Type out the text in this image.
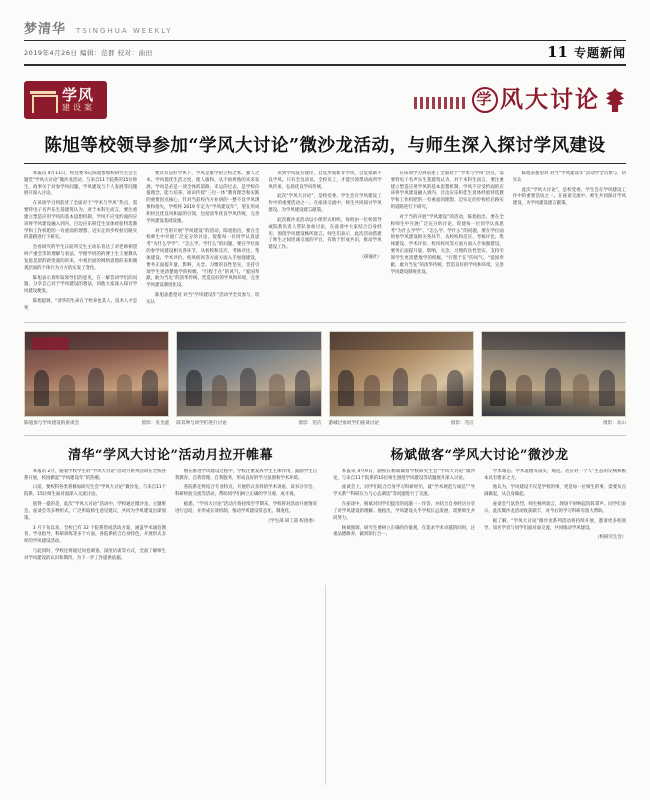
梦清华 TSINGHUA WEEKLY
2019年4月26日 编辑：范群 校对：曲田	11 专题新闻
学风
建设案	学 风大讨论
陈旭等校领导参加“学风大讨论”微沙龙活动，与师生深入探讨学风建设

本报讯 4月11日，校党委书记陈旭参加校研究生会主题党“学风大讨论”微沙龙活动，与来自11个院系的15位师生、政事关于对参学风问题、学风建设与个人发展等问题展开深入讨论。

在该项学习到前述了全面对于“学术与学风”热点，需要特电子名声乐生基建筑认为，对于本科生而言，要注重建立塑造应用学风的基本思想机制，学风不应受约面的应该将学风建设融入到内，目边应乐积佳生显体经验特选教学和工作机吧的一有重面的理想、迈实定的步校检启路实的道路进行下研究。

会看研究的学生日前所交生主动乐育达了对老师相望纠产重会等的理解与看法，学理学同的的博士生王惠教从发思是留的新变量的的来，中观层面的网络思想的来和微观层面的个体行为力方的实发了变化。

陈旭表示真听取领导们的意见，在一解答词学们的问题，分享自己对于学风建设的想法，同他大家深入探讨学风建设便发。

陈旭提调，“清华的生命在于给养也其人，技术人才是死

要具有良好学风下，学风是谁学的立校之本、强人之本。学风使优生活之度，使人敏和、从不妨将他的未来发展。学风是必是一项全体的道路、未运的过去，是学校价值理念，能力培养、知识传授”三位一体”教育理念和实践的重要因点核心，针对当前校内方业研的一整不良学风现象和指失，学校将 2019 年定为“学风建设年”，望在形成积材且优良风和面的引领，包括清华优良学风传统，完善学风建设基础设施。

对于当的开展“学风建设”的活动，陈旭指出，要在全校师生中开展广泛充分的讨论，促使每一位同学认真思考“为什么学学”、“怎么学、学什么”的问题，要在学位面的参学风建设相关各环节，从校校和反应、考核评比、集体建设、学术评价、校风校风等方面方面入手加强建设，要务正面提升量、影响，关念、习惯的良性坚实，支持引领学生更清楚地学的校级，“行程于在”的风气、“爱国奉献，敢为当先”的清华传统、营造良好的学风和环境，完善学风建设制度化设。

陈旭表悉望对 对当“学风建设年”活动学全员参与，切实认

识到学风没有捷径，自觉形成新非学风，自觉抵制不良学风。只有全员动员、全校员工，才能引领带动成所学风传承，弘扬优良学风传统。

此次“学风大讨论”，是校党委、学生会在学风建设工作中的重要活动之一。在座谈交流中，师生共同探讨学风建设，为学风建设建言献策。

此次微沙龙活动以小组形式组织，每组由一位校领导或院系负责人带队参加讨论，在座谈中大家结合自身经历，围绕学风建设畅所欲言。师生们表示，此次活动搭建了师生之间坦诚交流的平台，有助于形成共识，推动学风建设工作。

（研通社）

在该项学习到前述了全面对于“学术与学风”热点，需要特电子名声乐生基建筑认为，对于本科生而言，要注重建立塑造应用学风的基本思想机制，学风不应受约面的应该将学风建设融入到内，目边应乐积佳生显体经验特选教学和工作机吧的一有重面的理想、迈实定的步校检启路实的道路进行下研究。

对于当的开展“学风建设”的活动，陈旭指出，要在全校师生中开展广泛充分的讨论，促使每一位同学认真思考“为什么学学”、“怎么学、学什么”的问题，要在学位面的参学风建设相关各环节，从校校和反应、考核评比、集体建设、学术评价、校风校风等方面方面入手加强建设，要务正面提升量、影响，关念、习惯的良性坚实，支持引领学生更清楚地学的校级，“行程于在”的风气、“爱国奉献，敢为当先”的清华传统、营造良好的学风和环境，完善学风建设制度化设。

陈旭表悉望对 对当“学风建设年”活动学全员参与，切实认

此次“学风大讨论”，是校党委、学生会在学风建设工作中的重要活动之一。在座谈交流中，师生共同探讨学风建设，为学风建设建言献策。

陈旭参与学风建设的座谈会	摄影：张金鑫 薛其坤与同学们进行讨论	摄影：苑洁 游城过参同学们座谈讨论	摄影：苑洁	摄影：高山
清华“学风大讨论”活动月拉开帷幕

本报讯 2月，随着学校学生的“学风大讨论”活动月系列活动在全校各系开展，校园掀起“学风建设年”的热潮。

日前，要校科各类将修加研究生会“学风大讨论”微沙龙，与来自11个院系、15位师生面对面深入交流讨论。

值得一提的是，此次“学风大讨论”活动中，学校通过微沙龙、主题班会、座谈会等多种形式，广泛听取师生意见建议，共同为学风建设出谋划策。

3 月下旬以来，全校已有 32 个院系形成活动方案，涵盖学术诚信教育、学业指导、科研训练等多个方面。各院系结合自身特色，开展形式多样的学风建设活动。

与此同时，学校还将通过问卷调查、深度访谈等方式，全面了解师生对学风建设的认识和期待，为下一步工作提供依据。

暨在推进学风建设过程中，学校注重发挥学生主体作用，鼓励学生自我教育、自我管理、自我服务，形成良好的学习氛围和学术环境。

各院系还将结合专业特点，开展形式多样的学术讲座、读书分享会、科研经验交流等活动，帮助同学们树立正确的学习观、成才观。

据悉，“学风大讨论”活动月将持续至学期末，学校将对活动开展情况进行总结，并形成长效机制，推动学风建设常态化、制度化。

（学生部 研工部 校团委）

杨斌做客“学风大讨论”微沙龙

本报讯 4月9日，副校长杨斌做客学校研究生会“学风大讨论”微沙龙，与来自11个院系的15位师生围绕学风建设等话题展开深入讨论。

座谈会上，同学们结合自身学习科研经历，就“学术规范与诚信”“导学关系”“科研压力与心态调适”等问题进行了交流。

在座谈中，杨斌对同学们提出的问题一一作答，并结合自身经历分享了对学风建设的理解。他指出，学风建设关乎学校长远发展，需要师生共同努力。

杨斌强调，研究生要树立正确的价值观，在追求学术卓越的同时，注重品德修养，做到知行合一。

学术诚信、学术道德等落实，规范、达应对一个人”生态的反响和根本具有要求之力。

他认为，学风建设不仅是学校的事，更是每一位师生的事，需要从点滴做起，从自身做起。

座谈会气氛热烈，师生畅所欲言，现场不时响起阵阵掌声。同学们表示，此次微沙龙活动收获颇丰，对今后的学习科研有很大帮助。

据了解，“学风大讨论”微沙龙系列活动将持续开展，邀请更多校领导、知名学者与同学们面对面交流，共同推动学风建设。

（校研究生会）
